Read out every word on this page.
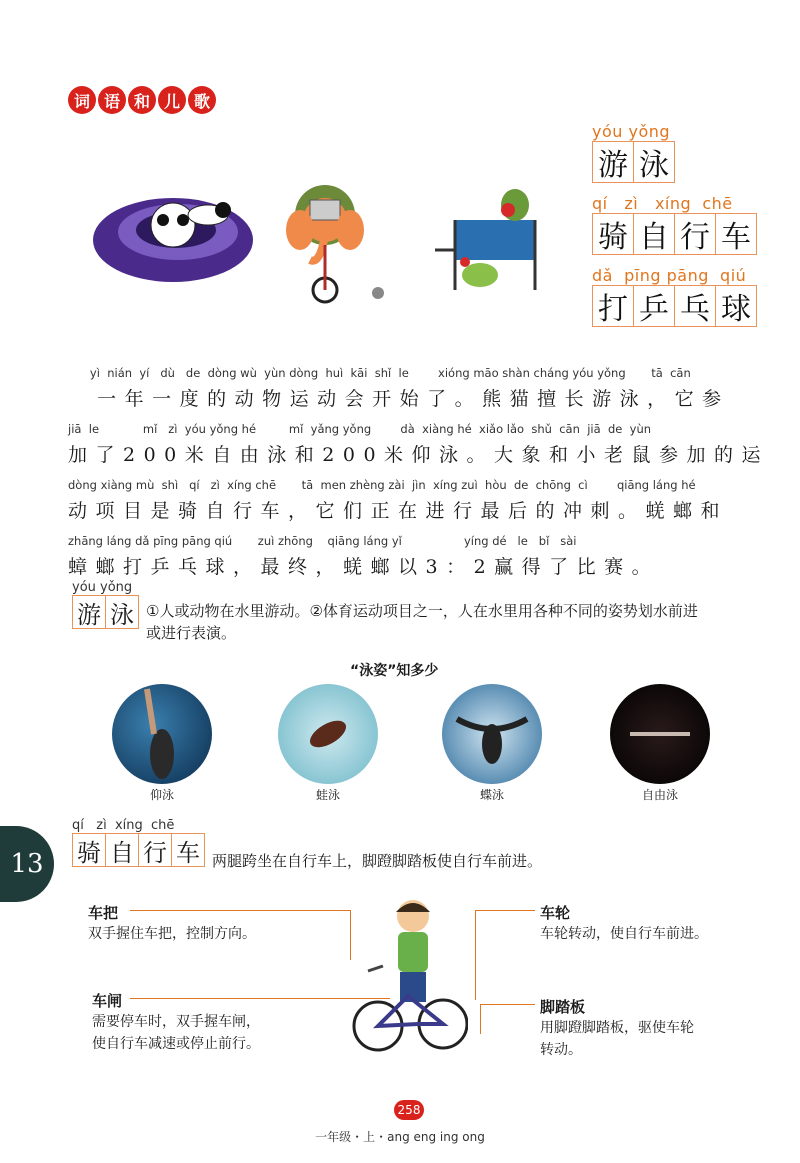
词 语 和 儿 歌
yóu yǒng
游 泳
qí   zì   xíng  chē
骑 自 行 车
dǎ  pīng pāng  qiú
打 乒 乓 球
yì  nián  yí   dù   de  dòng wù  yùn dòng  huì  kāi  shǐ  le        xióng māo shàn cháng yóu yǒng       tā  cān
一年一度的动物运动会开始了。熊猫擅长游泳，它参
jiā  le            mǐ   zì  yóu yǒng hé         mǐ  yǎng yǒng        dà  xiàng hé  xiǎo lǎo  shǔ  cān  jiā  de  yùn
加了200米自由泳和200米仰泳。大象和小老鼠参加的运
dòng xiàng mù  shì   qí   zì  xíng chē       tā  men zhèng zài  jìn  xíng zuì  hòu  de  chōng  cì        qiāng láng hé
动项目是骑自行车，它们正在进行最后的冲刺。蜣螂和
zhāng láng dǎ pīng pāng qiú       zuì zhōng    qiāng láng yǐ                 yíng dé   le   bǐ   sài
蟑螂打乒乓球，最终，蜣螂以3：2赢得了比赛。
yóu yǒng
游 泳 ①人或动物在水里游动。②体育运动项目之一，人在水里用各种不同的姿势划水前进
或进行表演。
“泳姿”知多少
仰泳	蛙泳	蝶泳	自由泳
13
qí   zì  xíng  chē
骑 自 行 车 两腿跨坐在自行车上，脚蹬脚踏板使自行车前进。
车把
双手握住车把，控制方向。
车闸
需要停车时，双手握车闸，
使自行车减速或停止前行。
车轮
车轮转动，使自行车前进。
脚踏板
用脚蹬脚踏板，驱使车轮
转动。
258
一年级・上・ang eng ing ong
